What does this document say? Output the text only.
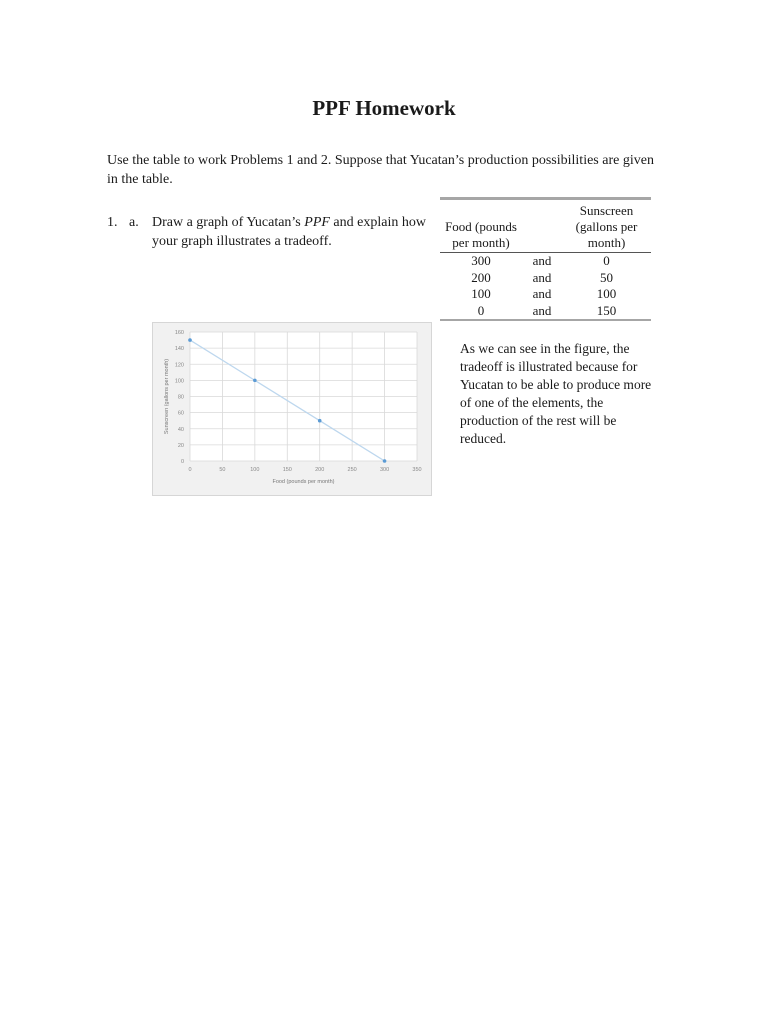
PPF Homework
Use the table to work Problems 1 and 2. Suppose that Yucatan’s production possibilities are given in the table.
1. a. Draw a graph of Yucatan’s PPF and explain how your graph illustrates a tradeoff.
Food (pounds per month)		Sunscreen (gallons per month)
300	and	0
200	and	50
100	and	100
0	and	150
As we can see in the figure, the tradeoff is illustrated because for Yucatan to be able to produce more of one of the elements, the production of the rest will be reduced.
0
20
40
60
80
100
120
140
160
0	50	100	150	200	250	300	350
Food (pounds per month)
Sunscreen (gallons per month)
